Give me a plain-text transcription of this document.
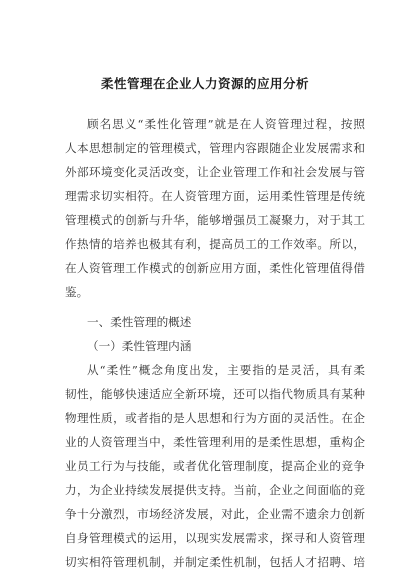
柔性管理在企业人力资源的应用分析
顾名思义“柔性化管理”就是在人资管理过程，按照
人本思想制定的管理模式，管理内容跟随企业发展需求和
外部环境变化灵活改变，让企业管理工作和社会发展与管
理需求切实相符。在人资管理方面，运用柔性管理是传统
管理模式的创新与升华，能够增强员工凝聚力，对于其工
作热情的培养也极其有利，提高员工的工作效率。所以，
在人资管理工作模式的创新应用方面，柔性化管理值得借
鉴。
一、柔性管理的概述
（一）柔性管理内涵
从“柔性”概念角度出发，主要指的是灵活，具有柔
韧性，能够快速适应全新环境，还可以指代物质具有某种
物理性质，或者指的是人思想和行为方面的灵活性。在企
业的人资管理当中，柔性管理利用的是柔性思想，重构企
业员工行为与技能，或者优化管理制度，提高企业的竞争
力，为企业持续发展提供支持。当前，企业之间面临的竞
争十分激烈，市场经济发展，对此，企业需不遗余力创新
自身管理模式的运用，以现实发展需求，探寻和人资管理
切实相符管理机制，并制定柔性机制，包括人才招聘、培
